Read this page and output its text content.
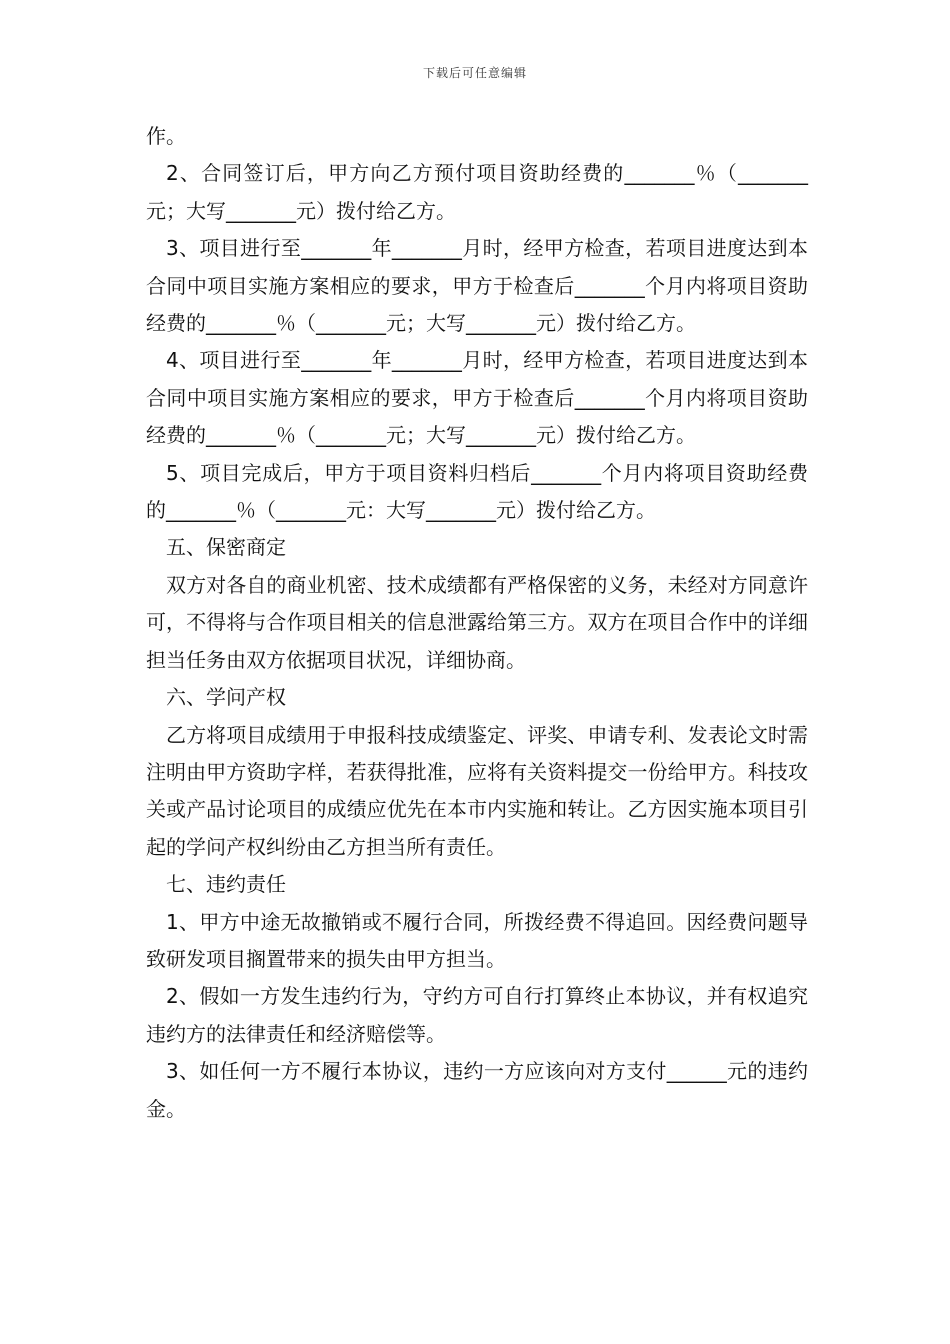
下载后可任意编辑

作。

2、合同签订后，甲方向乙方预付项目资助经费的_______％（_______元；大写_______元）拨付给乙方。

3、项目进行至_______年_______月时，经甲方检查，若项目进度达到本合同中项目实施方案相应的要求，甲方于检查后_______个月内将项目资助经费的_______％（_______元；大写_______元）拨付给乙方。

4、项目进行至_______年_______月时，经甲方检查，若项目进度达到本合同中项目实施方案相应的要求，甲方于检查后_______个月内将项目资助经费的_______％（_______元；大写_______元）拨付给乙方。

5、项目完成后，甲方于项目资料归档后_______个月内将项目资助经费的_______％（_______元：大写_______元）拨付给乙方。

五、保密商定

双方对各自的商业机密、技术成绩都有严格保密的义务，未经对方同意许可，不得将与合作项目相关的信息泄露给第三方。双方在项目合作中的详细担当任务由双方依据项目状况，详细协商。

六、学问产权

乙方将项目成绩用于申报科技成绩鉴定、评奖、申请专利、发表论文时需注明由甲方资助字样，若获得批准，应将有关资料提交一份给甲方。科技攻关或产品讨论项目的成绩应优先在本市内实施和转让。乙方因实施本项目引起的学问产权纠纷由乙方担当所有责任。

七、违约责任

1、甲方中途无故撤销或不履行合同，所拨经费不得追回。因经费问题导致研发项目搁置带来的损失由甲方担当。

2、假如一方发生违约行为，守约方可自行打算终止本协议，并有权追究违约方的法律责任和经济赔偿等。

3、如任何一方不履行本协议，违约一方应该向对方支付______元的违约金。
